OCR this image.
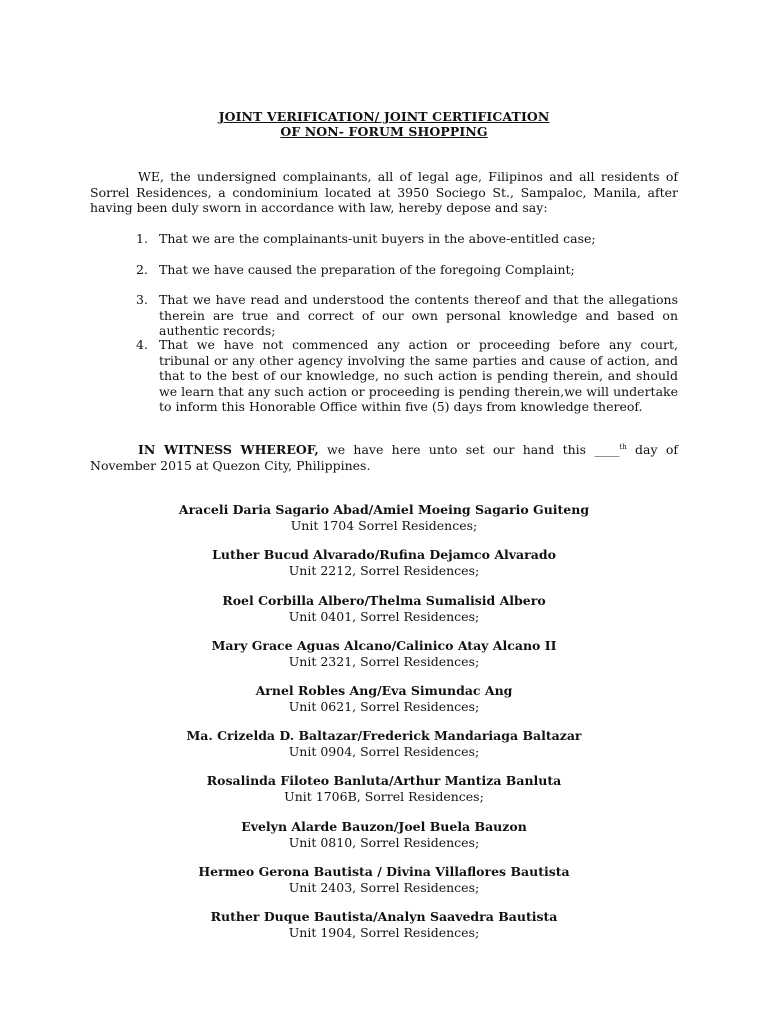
JOINT VERIFICATION/ JOINT CERTIFICATION
OF NON- FORUM SHOPPING
WE, the undersigned complainants, all of legal age, Filipinos and all residents of Sorrel Residences, a condominium located at 3950 Sociego St., Sampaloc, Manila, after having been duly sworn in accordance with law, hereby depose and say:
1. That we are the complainants-unit buyers in the above-entitled case;
2. That we have caused the preparation of the foregoing Complaint;
3. That we have read and understood the contents thereof and that the allegations therein are true and correct of our own personal knowledge and based on authentic records;
4. That we have not commenced any action or proceeding before any court, tribunal or any other agency involving the same parties and cause of action, and that to the best of our knowledge, no such action is pending therein, and should we learn that any such action or proceeding is pending therein,we will undertake to inform this Honorable Office within five (5) days from knowledge thereof.
IN WITNESS WHEREOF, we have here unto set our hand this ____$^{th}$ day of November 2015 at Quezon City, Philippines.
Araceli Daria Sagario Abad/Amiel Moeing Sagario Guiteng
Unit 1704 Sorrel Residences;
Luther Bucud Alvarado/Rufina Dejamco Alvarado
Unit 2212, Sorrel Residences;
Roel Corbilla Albero/Thelma Sumalisid Albero
Unit 0401, Sorrel Residences;
Mary Grace Aguas Alcano/Calinico Atay Alcano II
Unit 2321, Sorrel Residences;
Arnel Robles Ang/Eva Simundac Ang
Unit 0621, Sorrel Residences;
Ma. Crizelda D. Baltazar/Frederick Mandariaga Baltazar
Unit 0904, Sorrel Residences;
Rosalinda Filoteo Banluta/Arthur Mantiza Banluta
Unit 1706B, Sorrel Residences;
Evelyn Alarde Bauzon/Joel Buela Bauzon
Unit 0810, Sorrel Residences;
Hermeo Gerona Bautista / Divina Villaflores Bautista
Unit 2403, Sorrel Residences;
Ruther Duque Bautista/Analyn Saavedra Bautista
Unit 1904, Sorrel Residences;
